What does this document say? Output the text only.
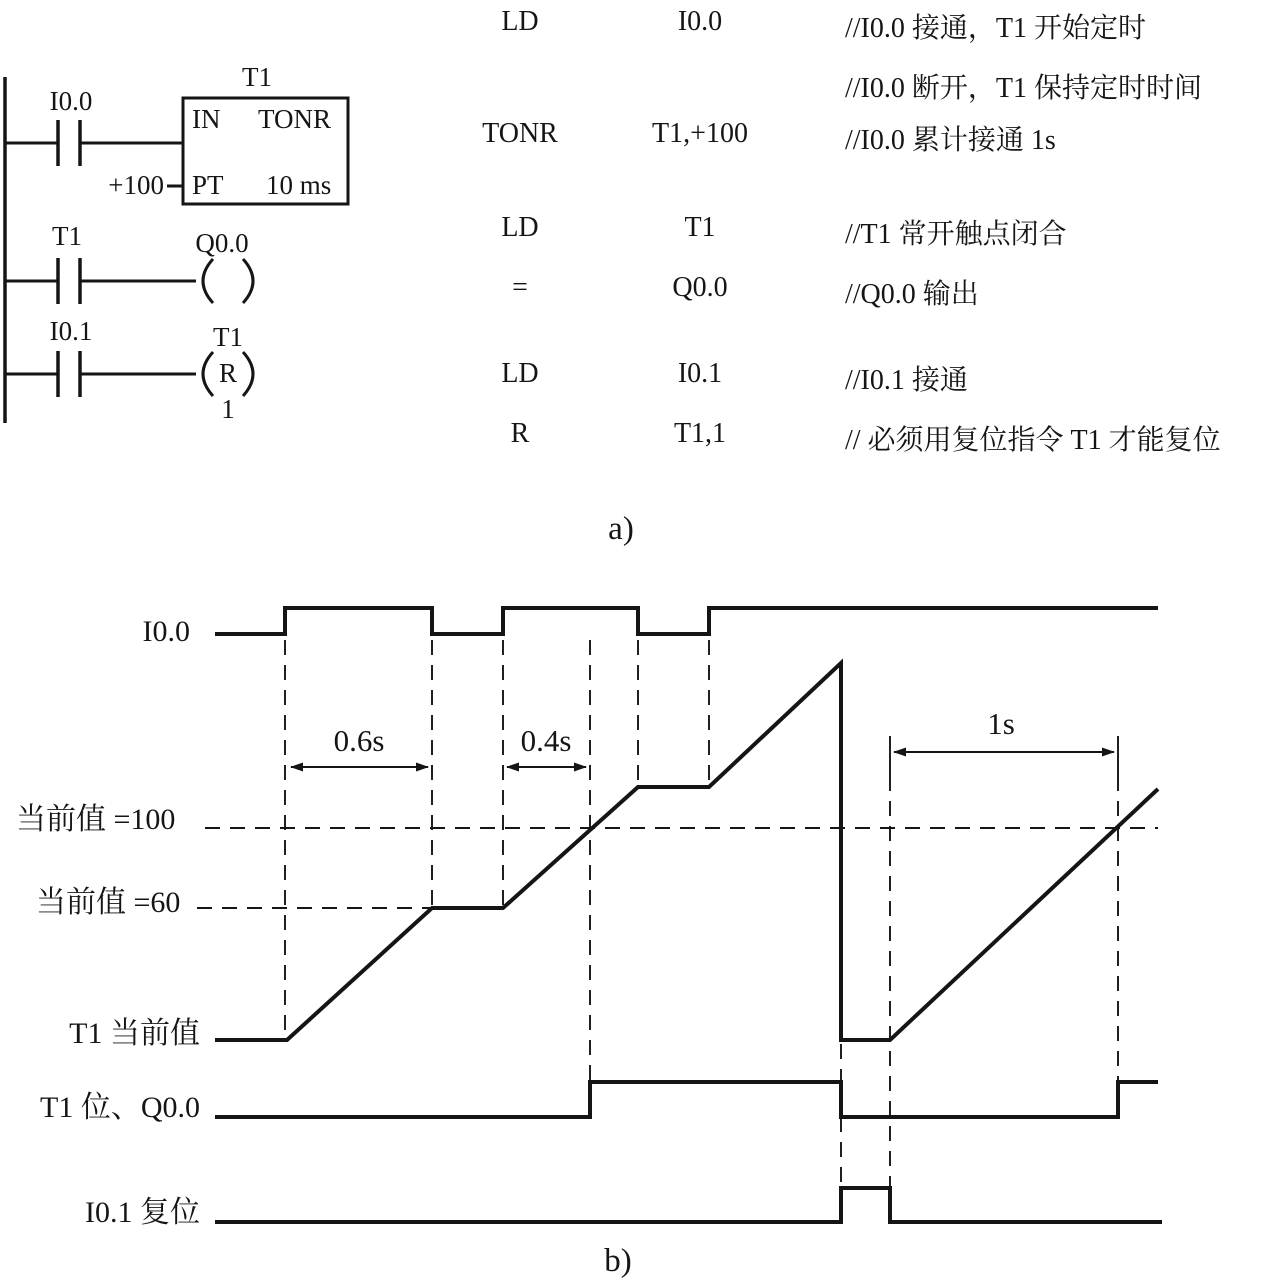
I0.0
T1
IN TONR
PT 10 ms
+100
T1	Q0.0
I0.1	T1
R
1
LD	I0.0	//I0.0 接通，T1 开始定时
//I0.0 断开，T1 保持定时时间
TONR	T1,+100	//I0.0 累计接通 1s
LD	T1	//T1 常开触点闭合
=	Q0.0	//Q0.0 输出
LD	I0.1	//I0.1 接通
R	T1,1	// 必须用复位指令 T1 才能复位
a)
b)
I0.0
当前值 =100
当前值 =60
T1 当前值
T1 位、Q0.0
I0.1 复位
0.6s	0.4s	1s
